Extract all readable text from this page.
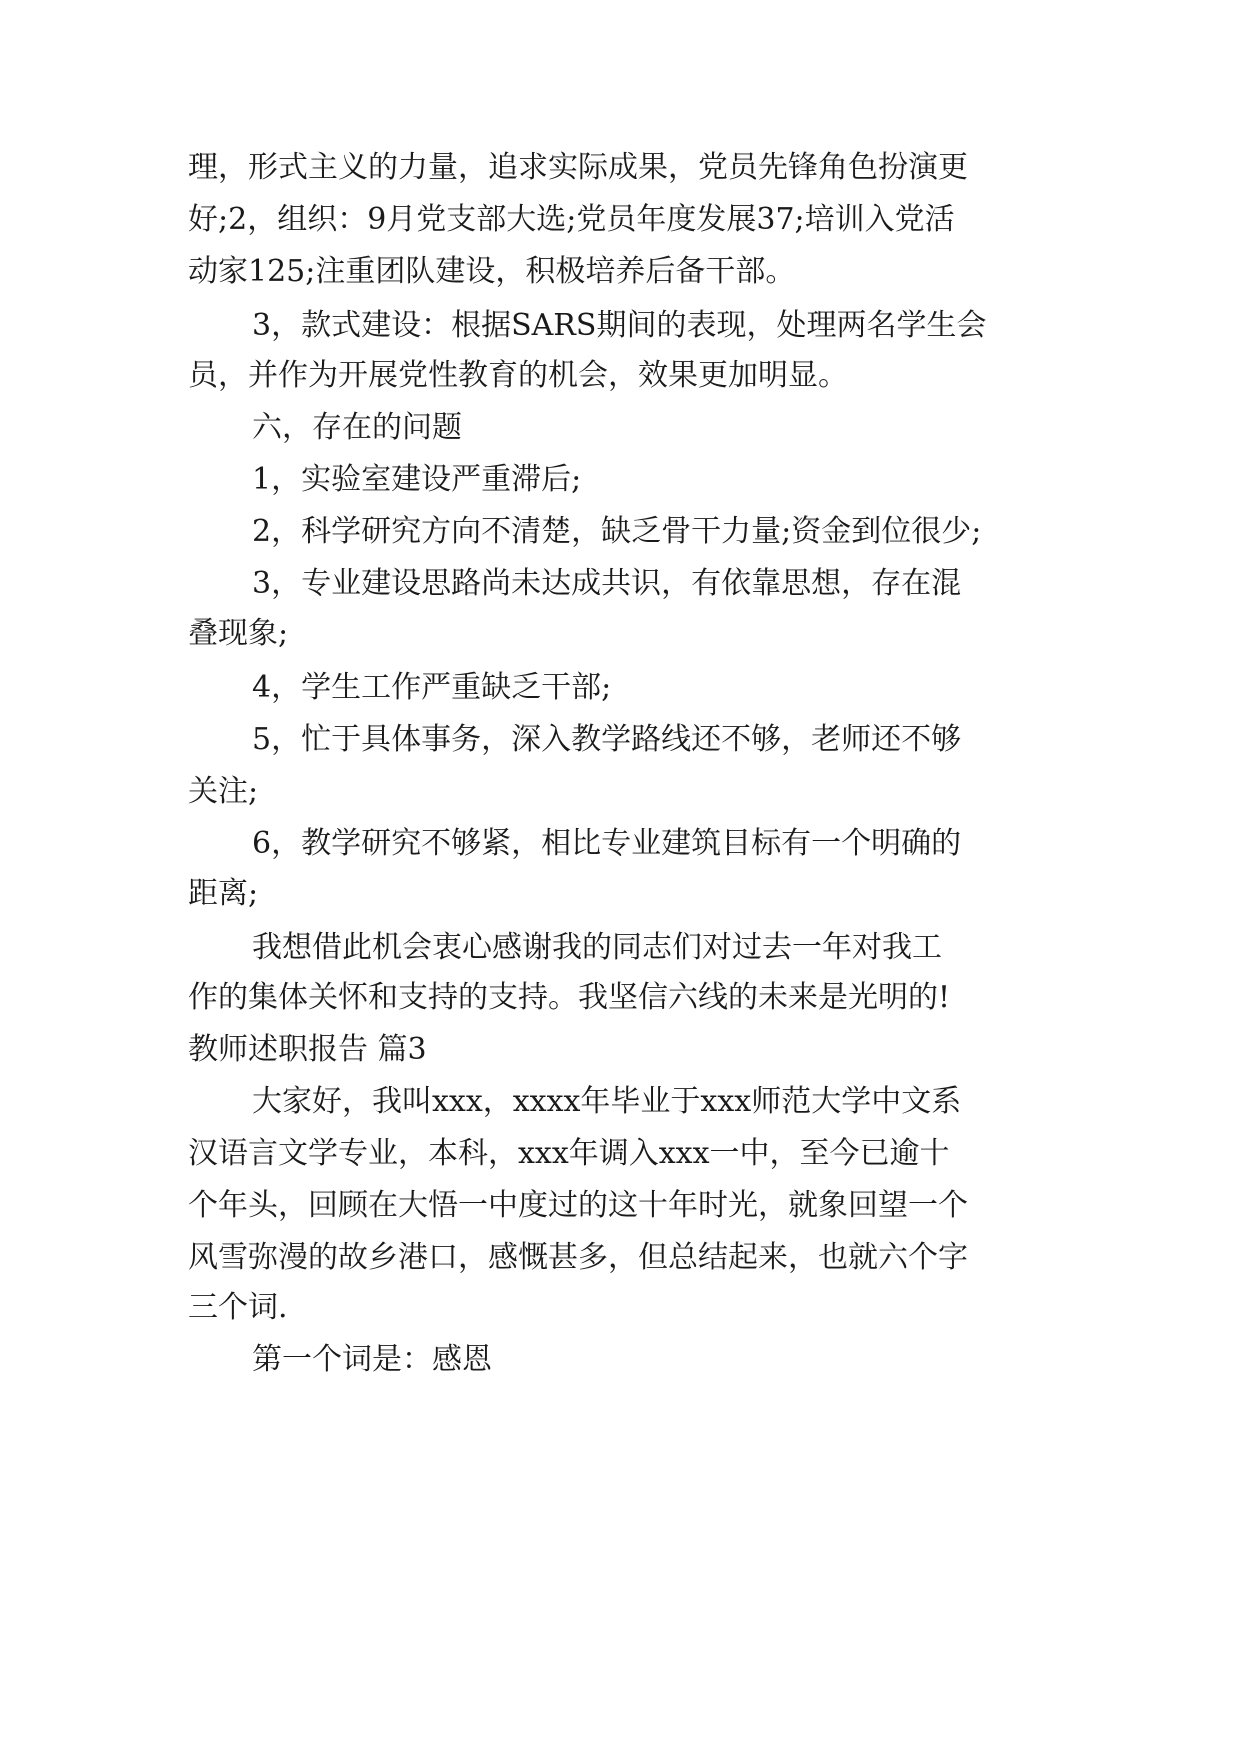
理，形式主义的力量，追求实际成果，党员先锋角色扮演更

好;2，组织：9月党支部大选;党员年度发展37;培训入党活

动家125;注重团队建设，积极培养后备干部。

3，款式建设：根据SARS期间的表现，处理两名学生会

员，并作为开展党性教育的机会，效果更加明显。

六，存在的问题

1，实验室建设严重滞后;

2，科学研究方向不清楚，缺乏骨干力量;资金到位很少;

3，专业建设思路尚未达成共识，有依靠思想，存在混

叠现象;

4，学生工作严重缺乏干部;

5，忙于具体事务，深入教学路线还不够，老师还不够

关注;

6，教学研究不够紧，相比专业建筑目标有一个明确的

距离;

我想借此机会衷心感谢我的同志们对过去一年对我工

作的集体关怀和支持的支持。我坚信六线的未来是光明的!

教师述职报告 篇3

大家好，我叫xxx，xxxx年毕业于xxx师范大学中文系

汉语言文学专业，本科，xxx年调入xxx一中，至今已逾十

个年头，回顾在大悟一中度过的这十年时光，就象回望一个

风雪弥漫的故乡港口，感慨甚多，但总结起来，也就六个字

三个词.

第一个词是：感恩
